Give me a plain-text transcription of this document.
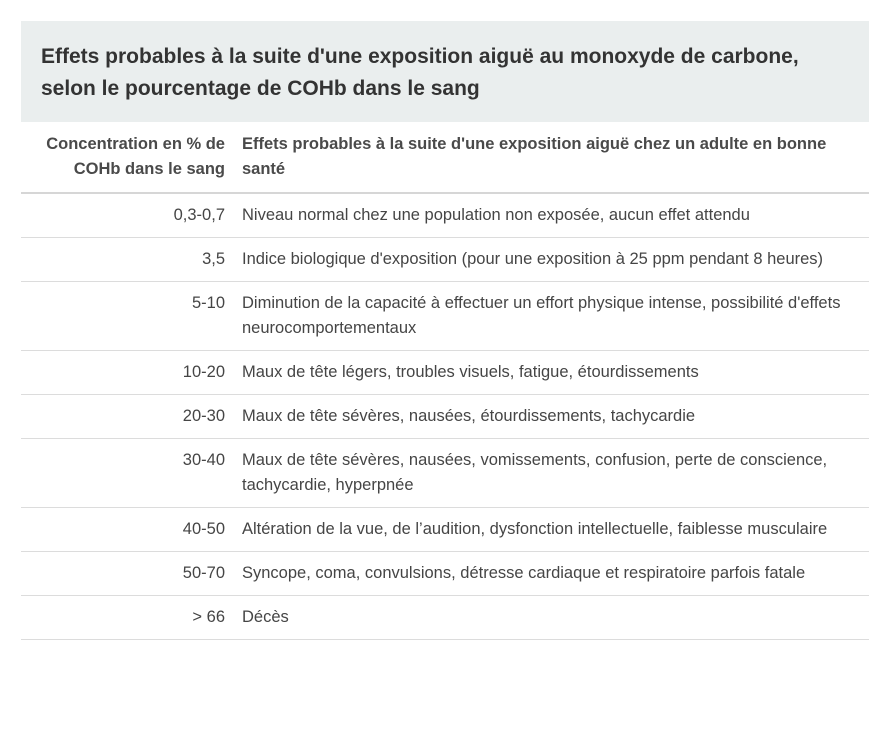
Effets probables à la suite d'une exposition aiguë au monoxyde de carbone, selon le pourcentage de COHb dans le sang
Concentration en % de COHb dans le sang	Effets probables à la suite d'une exposition aiguë chez un adulte en bonne santé
0,3-0,7	Niveau normal chez une population non exposée, aucun effet attendu
3,5	Indice biologique d'exposition (pour une exposition à 25 ppm pendant 8 heures)
5-10	Diminution de la capacité à effectuer un effort physique intense, possibilité d'effets neurocomportementaux
10-20	Maux de tête légers, troubles visuels, fatigue, étourdissements
20-30	Maux de tête sévères, nausées, étourdissements, tachycardie
30-40	Maux de tête sévères, nausées, vomissements, confusion, perte de conscience, tachycardie, hyperpnée
40-50	Altération de la vue, de l’audition, dysfonction intellectuelle, faiblesse musculaire
50-70	Syncope, coma, convulsions, détresse cardiaque et respiratoire parfois fatale
> 66	Décès
